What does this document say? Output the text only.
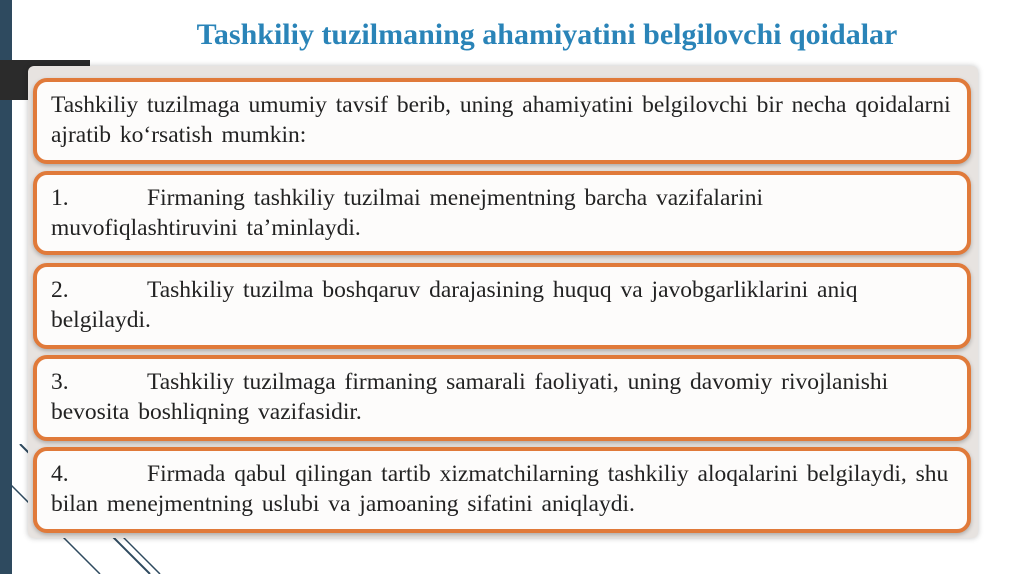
Tashkiliy tuzilmaning ahamiyatini belgilovchi qoidalar
Tashkiliy tuzilmaga umumiy tavsif berib, uning ahamiyatini belgilovchi bir necha qoidalarni ajratib ko‘rsatish mumkin:
1.	Firmaning tashkiliy tuzilmai menejmentning barcha vazifalarini muvofiqlashtiruvini ta’minlaydi.
2.	Tashkiliy tuzilma boshqaruv darajasining huquq va javobgarliklarini aniq belgilaydi.
3.	Tashkiliy tuzilmaga firmaning samarali faoliyati, uning davomiy rivojlanishi bevosita boshliqning vazifasidir.
4.	Firmada qabul qilingan tartib xizmatchilarning tashkiliy aloqalarini belgilaydi, shu bilan menejmentning uslubi va jamoaning sifatini aniqlaydi.
